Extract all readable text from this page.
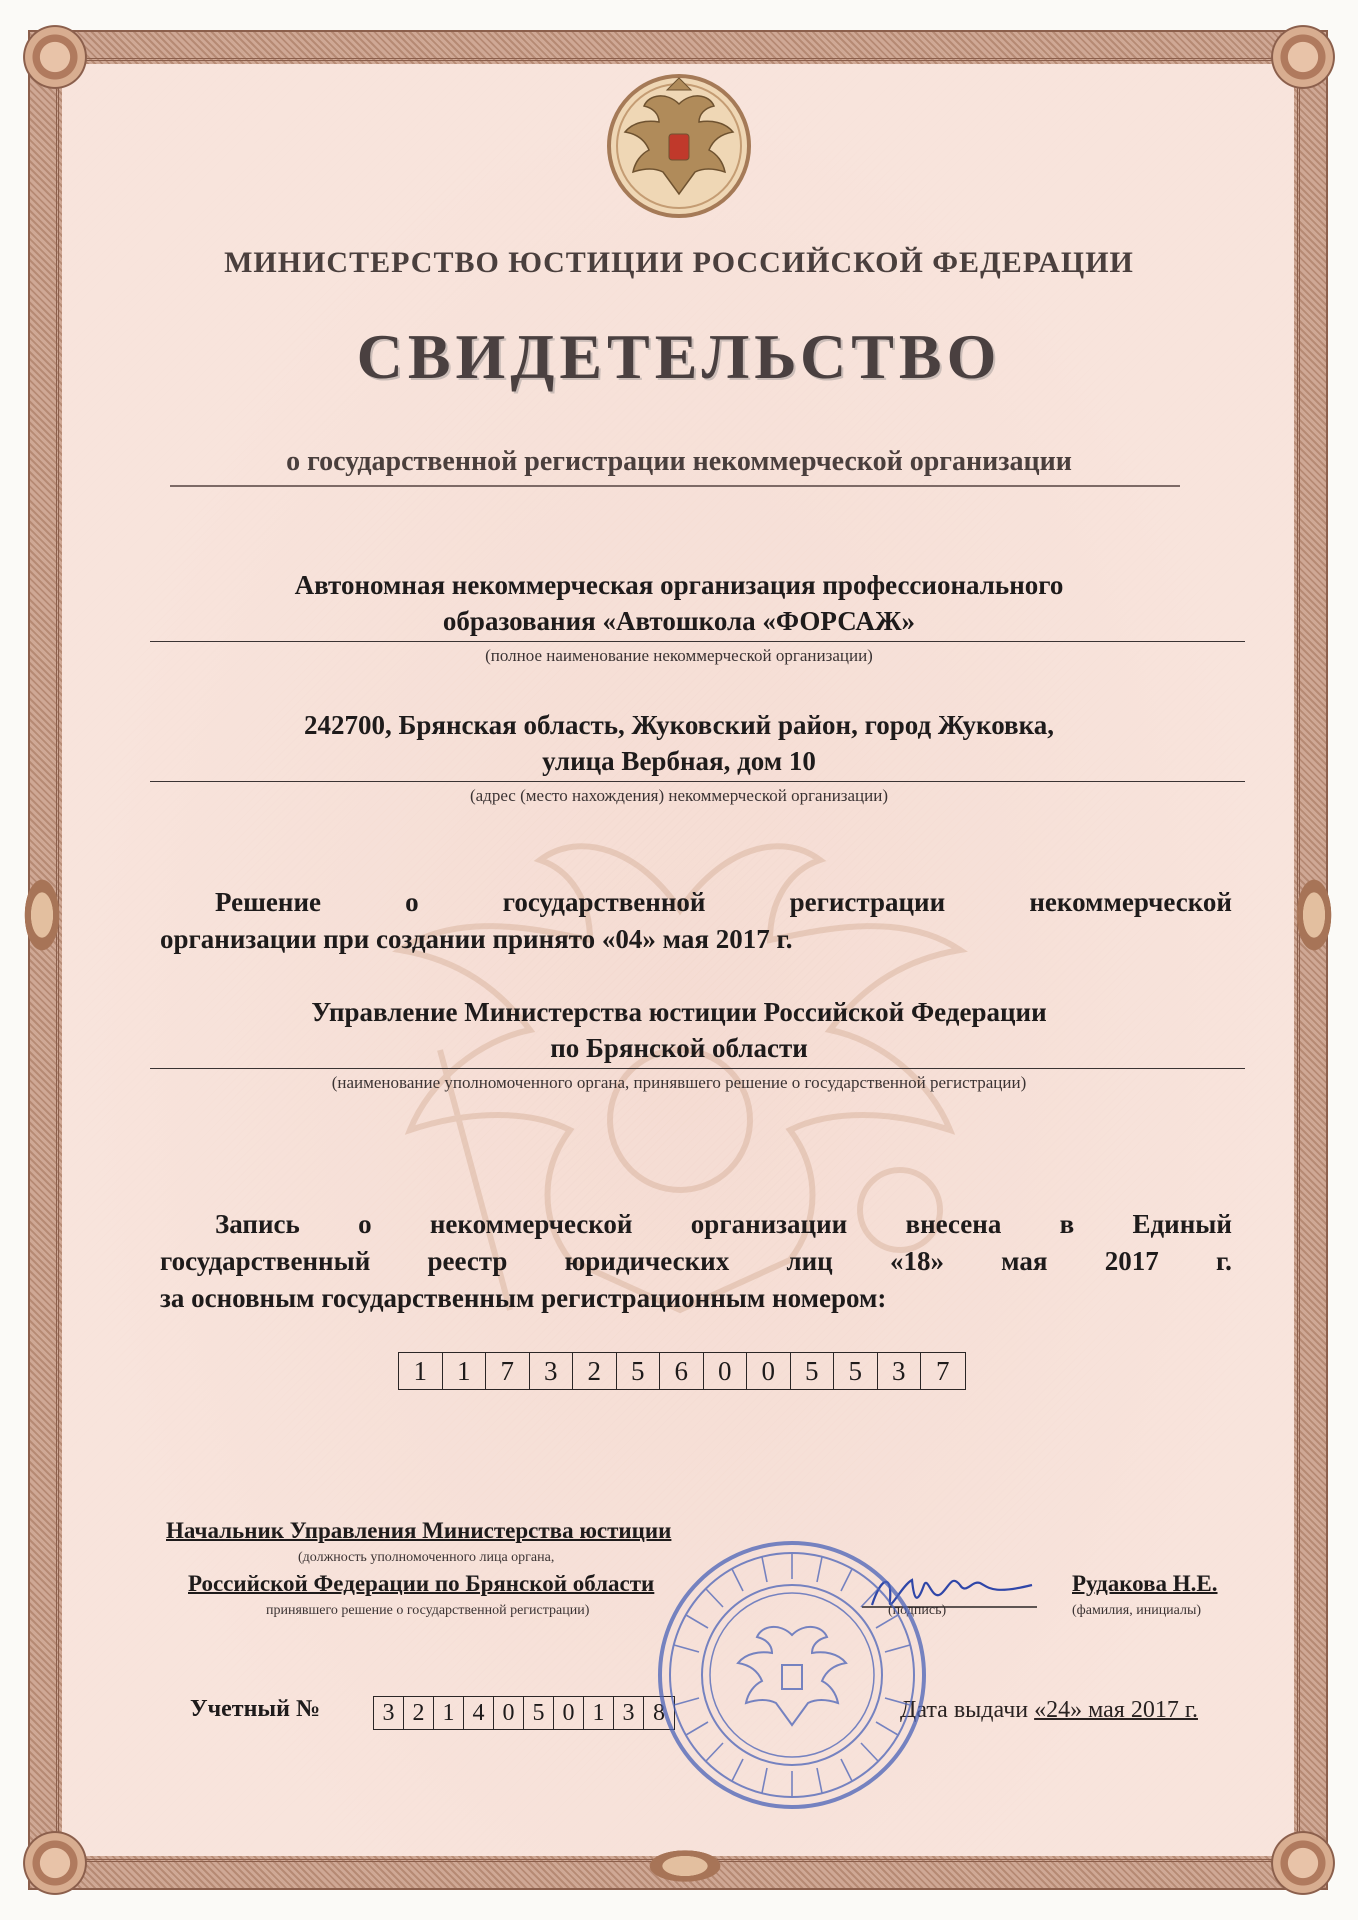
МИНИСТЕРСТВО ЮСТИЦИИ РОССИЙСКОЙ ФЕДЕРАЦИИ
СВИДЕТЕЛЬСТВО
о государственной регистрации некоммерческой организации
Автономная некоммерческая организация профессионального
образования «Автошкола «ФОРСАЖ»
(полное наименование некоммерческой организации)
242700, Брянская область, Жуковский район, город Жуковка,
улица Вербная, дом 10
(адрес (место нахождения) некоммерческой организации)
Решение	о	государственной	регистрации	некоммерческой
организации при создании принято «04» мая 2017 г.
Управление Министерства юстиции Российской Федерации
по Брянской области
(наименование уполномоченного органа, принявшего решение о государственной регистрации)
Запись о некоммерческой организации внесена в Единый
государственный реестр юридических лиц «18» мая 2017 г.
за основным государственным регистрационным номером:
1	1	7	3	2	5	6	0	0	5	5	3	7
Начальник Управления Министерства юстиции
(должность уполномоченного лица органа,
Российской Федерации по Брянской области
принявшего решение о государственной регистрации)	(подпись)
Рудакова Н.Е.
(фамилия, инициалы)
Учетный №	3 2 1 4 0 5 0 1 3 8	Дата выдачи «24» мая 2017 г.
